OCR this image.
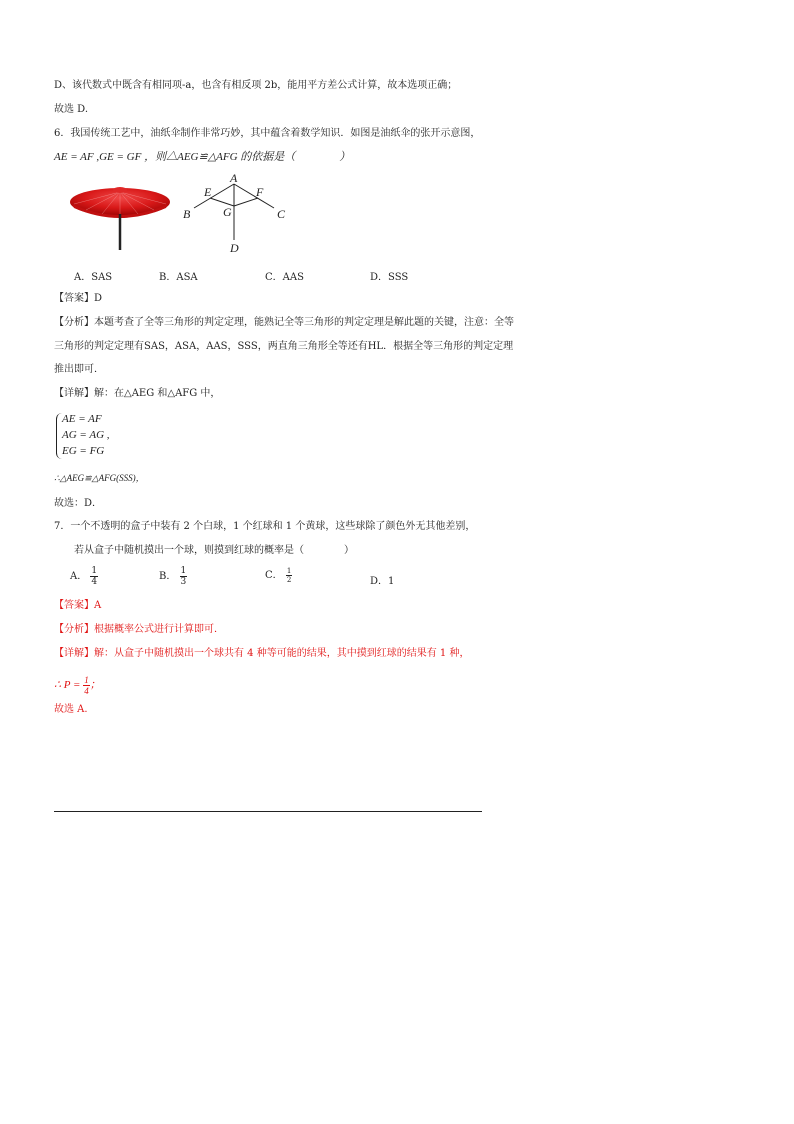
D、该代数式中既含有相同项-a，也含有相反项 2b，能用平方差公式计算，故本选项正确；
故选 D.
6．我国传统工艺中，油纸伞制作非常巧妙，其中蕴含着数学知识．如图是油纸伞的张开示意图，
AE = AF ,GE = GF ，则△AEG≌△AFG 的依据是（　　　　）
A
B	C
D
E	F
G
A．SAS	B．ASA	C．AAS	D．SSS
【答案】D
【分析】本题考查了全等三角形的判定定理，能熟记全等三角形的判定定理是解此题的关键，注意：全等
三角形的判定定理有SAS，ASA，AAS，SSS，两直角三角形全等还有HL．根据全等三角形的判定定理
推出即可．
【详解】解：在△AEG 和△AFG 中，
AE = AF
AG = AG ,
EG = FG
∴△AEG≌△AFG(SSS)，
故选：D．
7．一个不透明的盒子中装有 2 个白球，1 个红球和 1 个黄球，这些球除了颜色外无其他差别，
若从盒子中随机摸出一个球，则摸到红球的概率是（　　　　）
A． $\frac{1}{4}$	B． $\frac{1}{3}$	C． $\frac{1}{2}$	D．1
【答案】A
【分析】根据概率公式进行计算即可．
【详解】解：从盒子中随机摸出一个球共有 4 种等可能的结果，其中摸到红球的结果有 1 种，
∴ $P = \frac{1}{4}$ ；
故选 A.
